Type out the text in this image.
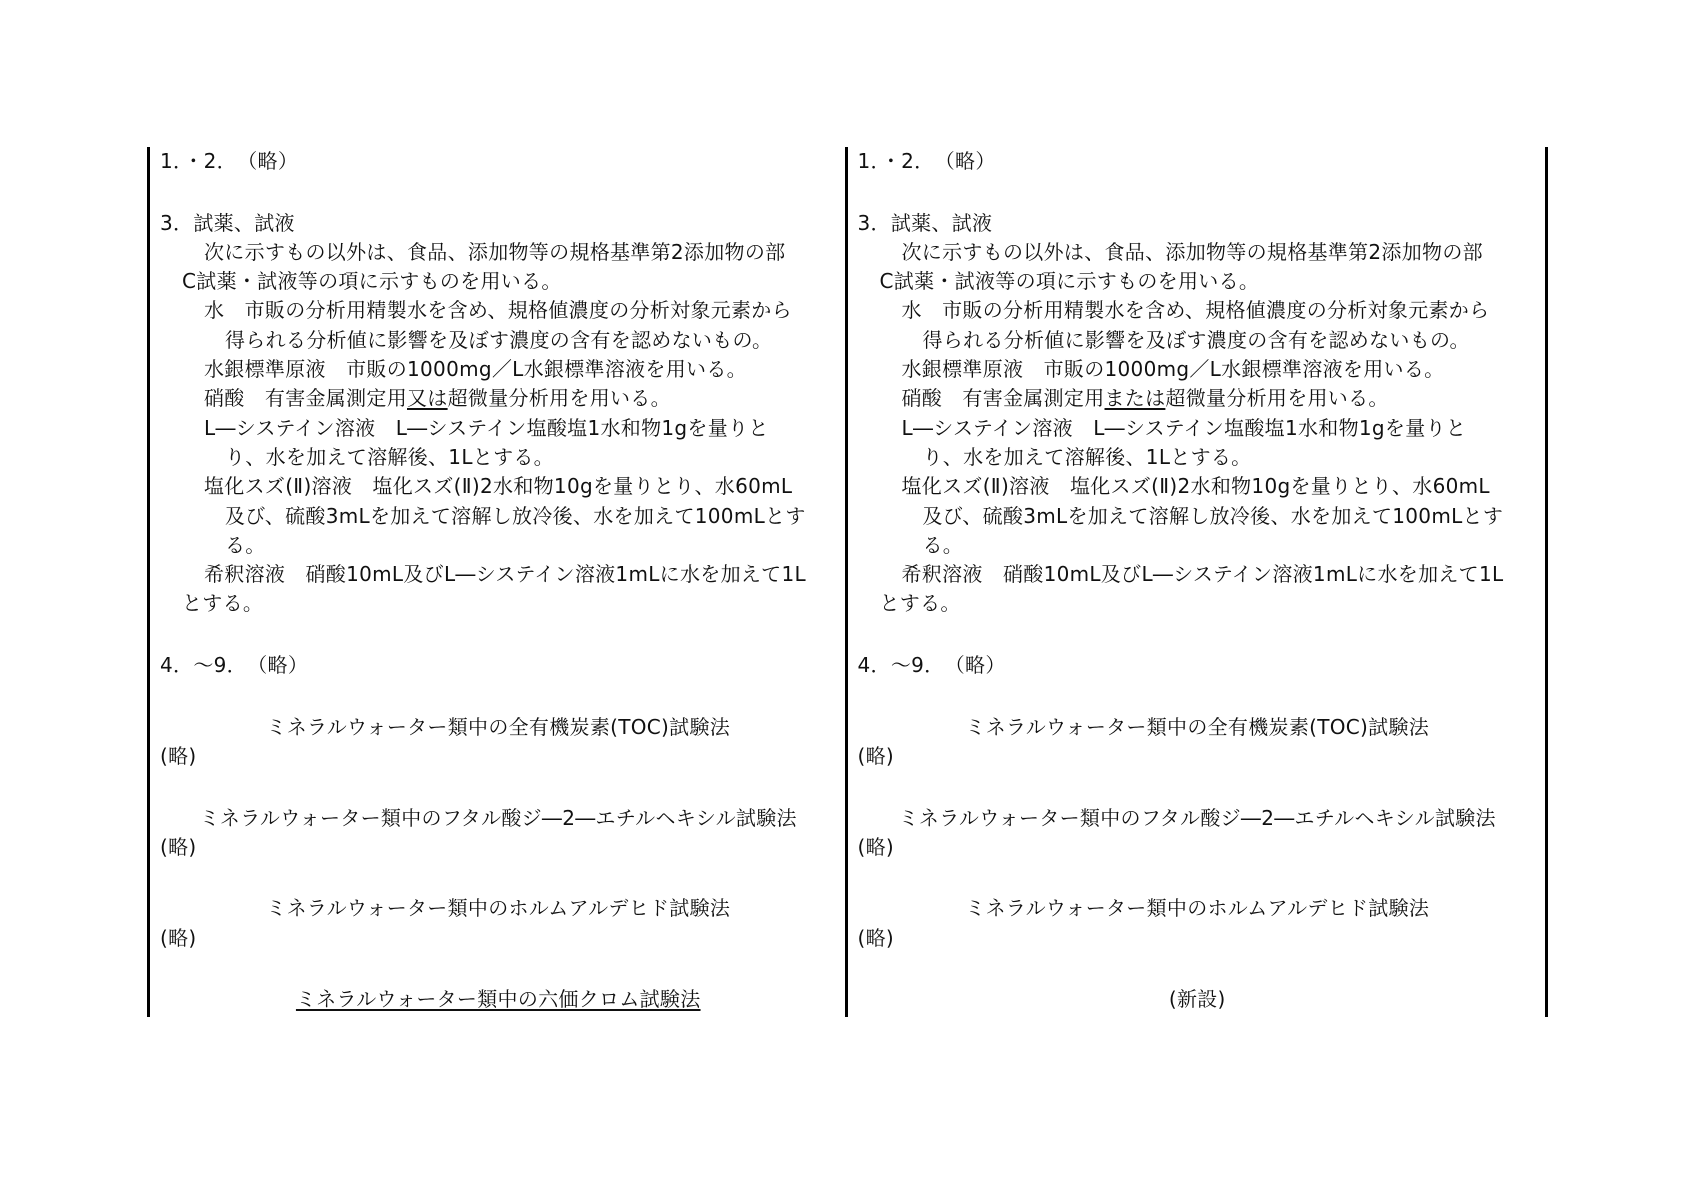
1．・2．　（略）
3．試薬、試液
次に示すもの以外は、食品、添加物等の規格基準第2添加物の部
C試薬・試液等の項に示すものを用いる。
水　市販の分析用精製水を含め、規格値濃度の分析対象元素から
得られる分析値に影響を及ぼす濃度の含有を認めないもの。
水銀標準原液　市販の1000mg／L水銀標準溶液を用いる。
硝酸　有害金属測定用又は超微量分析用を用いる。
L―システイン溶液　L―システイン塩酸塩1水和物1gを量りと
り、水を加えて溶解後、1Lとする。
塩化スズ(Ⅱ)溶液　塩化スズ(Ⅱ)2水和物10gを量りとり、水60mL
及び、硫酸3mLを加えて溶解し放冷後、水を加えて100mLとす
る。
希釈溶液　硝酸10mL及びL―システイン溶液1mLに水を加えて1L
とする。
4．～9．　（略）
ミネラルウォーター類中の全有機炭素(TOC)試験法
(略)
ミネラルウォーター類中のフタル酸ジ―2―エチルヘキシル試験法
(略)
ミネラルウォーター類中のホルムアルデヒド試験法
(略)
ミネラルウォーター類中の六価クロム試験法
1．・2．　（略）
3．試薬、試液
次に示すもの以外は、食品、添加物等の規格基準第2添加物の部
C試薬・試液等の項に示すものを用いる。
水　市販の分析用精製水を含め、規格値濃度の分析対象元素から
得られる分析値に影響を及ぼす濃度の含有を認めないもの。
水銀標準原液　市販の1000mg／L水銀標準溶液を用いる。
硝酸　有害金属測定用または超微量分析用を用いる。
L―システイン溶液　L―システイン塩酸塩1水和物1gを量りと
り、水を加えて溶解後、1Lとする。
塩化スズ(Ⅱ)溶液　塩化スズ(Ⅱ)2水和物10gを量りとり、水60mL
及び、硫酸3mLを加えて溶解し放冷後、水を加えて100mLとす
る。
希釈溶液　硝酸10mL及びL―システイン溶液1mLに水を加えて1L
とする。
4．～9．　（略）
ミネラルウォーター類中の全有機炭素(TOC)試験法
(略)
ミネラルウォーター類中のフタル酸ジ―2―エチルヘキシル試験法
(略)
ミネラルウォーター類中のホルムアルデヒド試験法
(略)
(新設)
